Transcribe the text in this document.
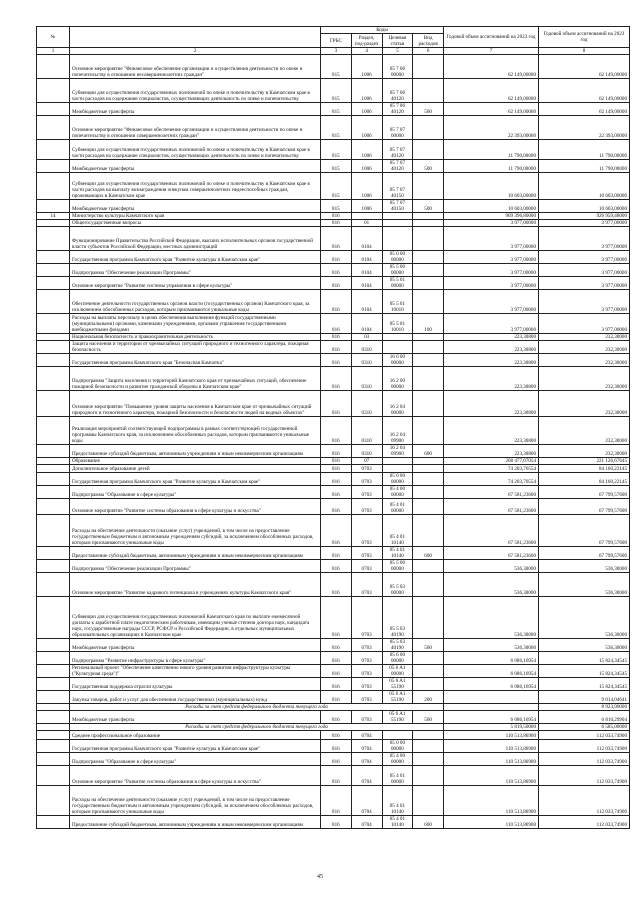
№		Коды				Годовой объем ассигнований на 2023 год	Годовой объем ассигнований на 2023 год
		ГРБС	Раздел, под-раздел	Целевая статья	Вид расходов		
1	2	3	4	5	6	7	8
	Основное мероприятие "Финансовое обеспечение организации и осуществления деятельности по опеке и попечительству в отношении несовершеннолетних граждан"	815	1006	05 7 06 00000		62 149,00000	62 149,00000
	Субвенции для осуществления государственных полномочий по опеке и попечительству в Камчатском крае в части расходов на содержание специалистов, осуществляющих деятельность по опеке и попечительству	815	1006	05 7 06 40120		62 149,00000	62 149,00000
	Межбюджетные трансферты	815	1006	05 7 06 40120	500	62 149,00000	62 149,00000
	Основное мероприятие "Финансовое обеспечение организации и осуществления деятельности по опеке и попечительству в отношении совершеннолетних граждан"	815	1006	05 7 07 00000		22 393,00000	22 393,00000
	Субвенции для осуществления государственных полномочий по опеке и попечительству в Камчатском крае в части расходов на содержание специалистов, осуществляющих деятельность по опеке и попечительству	815	1006	05 7 07 40120		11 790,00000	11 790,00000
	Межбюджетные трансферты	815	1006	05 7 07 40120	500	11 790,00000	11 790,00000
	Субвенции для осуществления государственных полномочий по опеке и попечительству в Камчатском крае в части расходов на выплату вознаграждения опекунам совершеннолетних недееспособных граждан, проживающих в Камчатском крае	815	1006	05 7 07 40150		10 603,00000	10 603,00000
	Межбюджетные трансферты	815	1006	05 7 07 40150	500	10 603,00000	10 603,00000
14	Министерство культуры Камчатского края	816				969 396,80000	926 959,48000
	Общегосударственные вопросы	816	01			3 977,00000	3 977,00000
	Функционирование Правительства Российской Федерации, высших исполнительных органов государственной власти субъектов Российской Федерации, местных администраций	816	0104			3 977,00000	3 977,00000
	Государственная программа Камчатского края "Развитие культуры в Камчатском крае"	816	0104	05 0 00 00000		3 977,00000	3 977,00000
	Подпрограмма "Обеспечение реализации Программы"	816	0104	05 5 00 00000		3 977,00000	3 977,00000
	Основное мероприятие "Развитие системы управления в сфере культуры"	816	0104	05 5 01 00000		3 977,00000	3 977,00000
	Обеспечение деятельности государственных органов власти (государственных органов) Камчатского края, за исключением обособленных расходов, которым присваиваются уникальные коды	816	0104	05 5 01 10010		3 977,00000	3 977,00000
	Расходы на выплаты персоналу в целях обеспечения выполнения функций государственными (муниципальными) органами, казенными учреждениями, органами управления государственными внебюджетными фондами	816	0104	05 5 01 10010	100	3 977,00000	3 977,00000
	Национальная безопасность и правоохранительная деятельность	816	03			223,30800	232,30000
	Защита населения и территории от чрезвычайных ситуаций природного и техногенного характера, пожарная безопасность	816	0310			223,30800	232,30000
	Государственная программа Камчатского края "Безопасная Камчатка"	816	0310	16 0 00 00000		223,30800	232,30000
	Подпрограмма "Защита населения и территорий Камчатского края от чрезвычайных ситуаций, обеспечение пожарной безопасности и развитие гражданской обороны в Камчатском крае"	816	0310	16 2 00 00000		223,30800	232,30000
	Основное мероприятие "Повышение уровня защиты населения в Камчатском крае от чрезвычайных ситуаций природного и техногенного характера, пожарной безопасности и безопасности людей на водных объектах"	816	0310	16 2 04 00000		223,30800	232,30000
	Реализация мероприятий соответствующей подпрограммы в рамках соответствующей государственной программы Камчатского края, за исключением обособленных расходов, которым присваиваются уникальные коды	816	0310	16 2 04 09900		223,30800	232,30000
	Предоставление субсидий бюджетным, автономным учреждениям и иным некоммерческим организациям	816	0310	16 2 04 09900	600	223,30800	232,30000
	Образование	816	07			208 477,07054	221 126,67645
	Дополнительное образование детей	816	0703			74 203,70554	84 160,22145
	Государственная программа Камчатского края "Развитие культуры в Камчатском крае"	816	0703	05 0 00 00000		74 203,70554	84 160,22145
	Подпрограмма "Образование в сфере культуры"	816	0703	05 4 00 00000		67 581,23600	67 799,57600
	Основное мероприятие "Развитие системы образования в сфере культуры и искусства"	816	0703	05 4 01 00000		67 581,23600	67 799,57600
	Расходы на обеспечение деятельности (оказание услуг) учреждений, в том числе на предоставление государственным бюджетным и автономным учреждениям субсидий, за исключением обособленных расходов, которым присваиваются уникальные коды	816	0703	05 4 01 10140		67 581,23600	67 799,57600
	Предоставление субсидий бюджетным, автономным учреждениям и иным некоммерческим организациям	816	0703	05 4 01 10140	600	67 581,23600	67 799,57600
	Подпрограмма "Обеспечение реализации Программы"	816	0703	05 5 00 00000		536,30000	536,30000
	Основное мероприятие "Развитие кадрового потенциала в учреждениях культуры Камчатского края"	816	0703	05 5 03 00000		536,30000	536,30000
	Субвенции для осуществления государственных полномочий Камчатского края по выплате ежемесячной доплаты к заработной плате педагогическим работникам, имеющим ученые степени доктора наук, кандидата наук, государственные награды СССР, РСФСР и Российской Федерации, в отдельных муниципальных образовательных организациях в Камчатском крае	816	0703	05 5 03 40190		536,30000	536,30000
	Межбюджетные трансферты	816	0703	05 5 03 40190	500	536,30000	536,30000
	Подпрограмма "Развитие инфраструктуры в сфере культуры"	816	0703	05 6 00 00000		6 086,16954	15 824,34545
	Региональный проект "Обеспечение качественно нового уровня развития инфраструктуры культуры ("Культурная среда")"	816	0703	05 6 A1 00000		6 086,16954	15 824,34545
	Государственная поддержка отрасли культуры	816	0703	05 6 A1 55190		6 086,16954	15 824,34545
	Закупка товаров, работ и услуг для обеспечения государственных (муниципальных) нужд	816	0703	05 6 A1 55190	200		9 014,04641
	Расходы за счет средств федерального бюджета текущего года						8 923,90000
	Межбюджетные трансферты	816	0703	05 6 A1 55190	500	6 086,16954	6 810,29904
	Расходы за счет средств федерального бюджета текущего года					5 819,50000	6 585,00000
	Среднее профессиональное образование	816	0704			110 513,86900	112 033,74900
	Государственная программа Камчатского края "Развитие культуры в Камчатском крае"	816	0704	05 0 00 00000		110 513,86900	112 033,74900
	Подпрограмма "Образование в сфере культуры"	816	0704	05 4 00 00000		110 513,86900	112 033,74900
	Основное мероприятие "Развитие системы образования в сфере культуры и искусства"	816	0704	05 4 01 00000		110 513,86900	112 033,74900
	Расходы на обеспечение деятельности (оказание услуг) учреждений, в том числе на предоставление государственным бюджетным и автономным учреждениям субсидий, за исключением обособленных расходов, которым присваиваются уникальные коды	816	0704	05 4 01 10140		110 513,86900	112 033,74900
	Предоставление субсидий бюджетным, автономным учреждениям и иным некоммерческим организациям	816	0704	05 4 01 10140	600	110 513,86900	112 033,74900
45
